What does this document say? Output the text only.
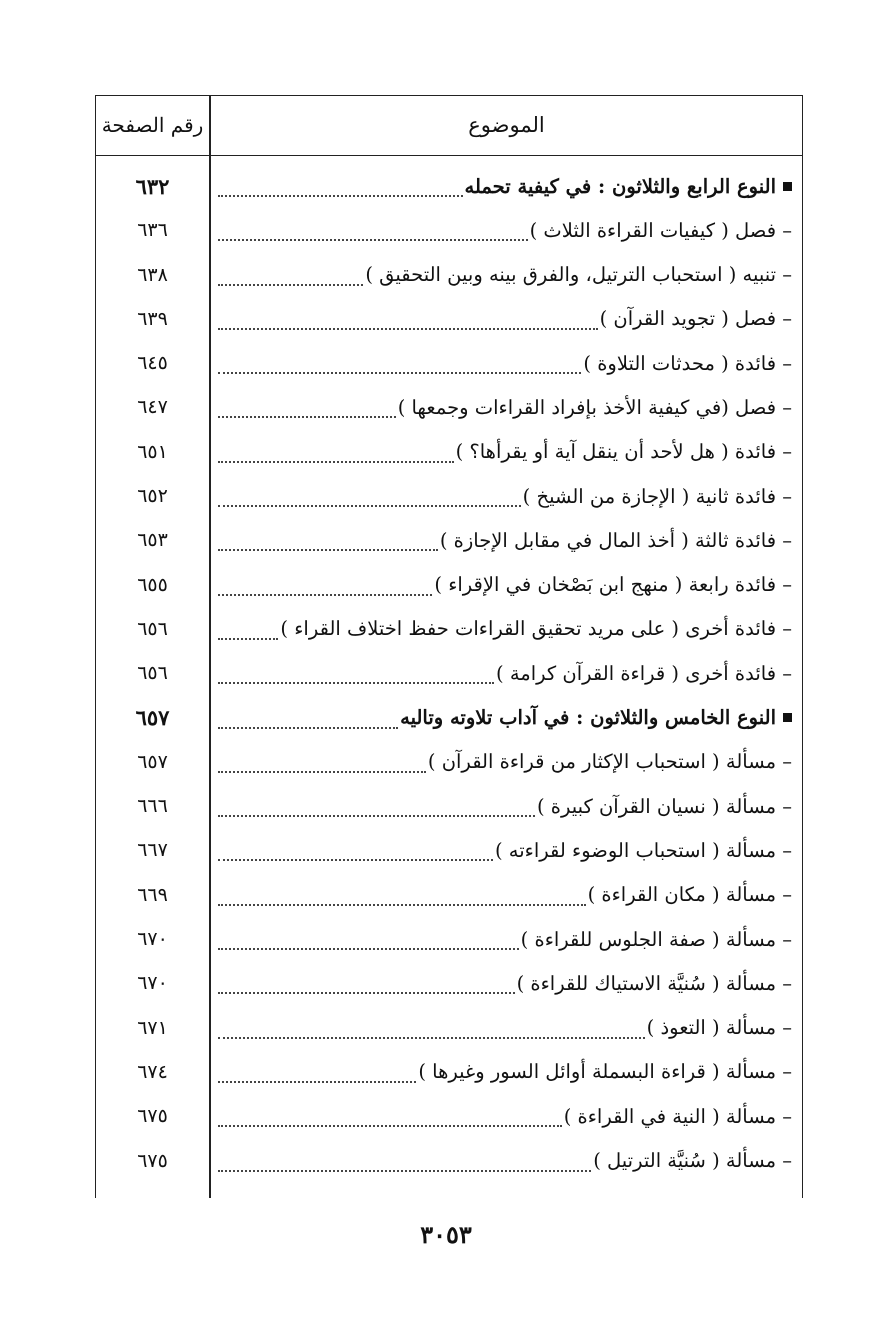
الموضوع
رقم الصفحة
النوع الرابع والثلاثون : في كيفية تحمله
٦٣٢
– فصل ( كيفيات القراءة الثلاث )
٦٣٦
– تنبيه ( استحباب الترتيل، والفرق بينه وبين التحقيق )
٦٣٨
– فصل ( تجويد القرآن )
٦٣٩
– فائدة ( محدثات التلاوة )
٦٤٥
– فصل (في كيفية الأخذ بإفراد القراءات وجمعها )
٦٤٧
– فائدة ( هل لأحد أن ينقل آية أو يقرأها؟ )
٦٥١
– فائدة ثانية ( الإجازة من الشيخ )
٦٥٢
– فائدة ثالثة ( أخذ المال في مقابل الإجازة )
٦٥٣
– فائدة رابعة ( منهج ابن بَصْخان في الإقراء )
٦٥٥
– فائدة أخرى ( على مريد تحقيق القراءات حفظ اختلاف القراء )
٦٥٦
– فائدة أخرى ( قراءة القرآن كرامة )
٦٥٦
النوع الخامس والثلاثون : في آداب تلاوته وتاليه
٦٥٧
– مسألة ( استحباب الإكثار من قراءة القرآن )
٦٥٧
– مسألة ( نسيان القرآن كبيرة )
٦٦٦
– مسألة ( استحباب الوضوء لقراءته )
٦٦٧
– مسألة ( مكان القراءة )
٦٦٩
– مسألة ( صفة الجلوس للقراءة )
٦٧٠
– مسألة ( سُنيَّة الاستياك للقراءة )
٦٧٠
– مسألة ( التعوذ )
٦٧١
– مسألة ( قراءة البسملة أوائل السور وغيرها )
٦٧٤
– مسألة ( النية في القراءة )
٦٧٥
– مسألة ( سُنيَّة الترتيل )
٦٧٥
٣٠٥٣
